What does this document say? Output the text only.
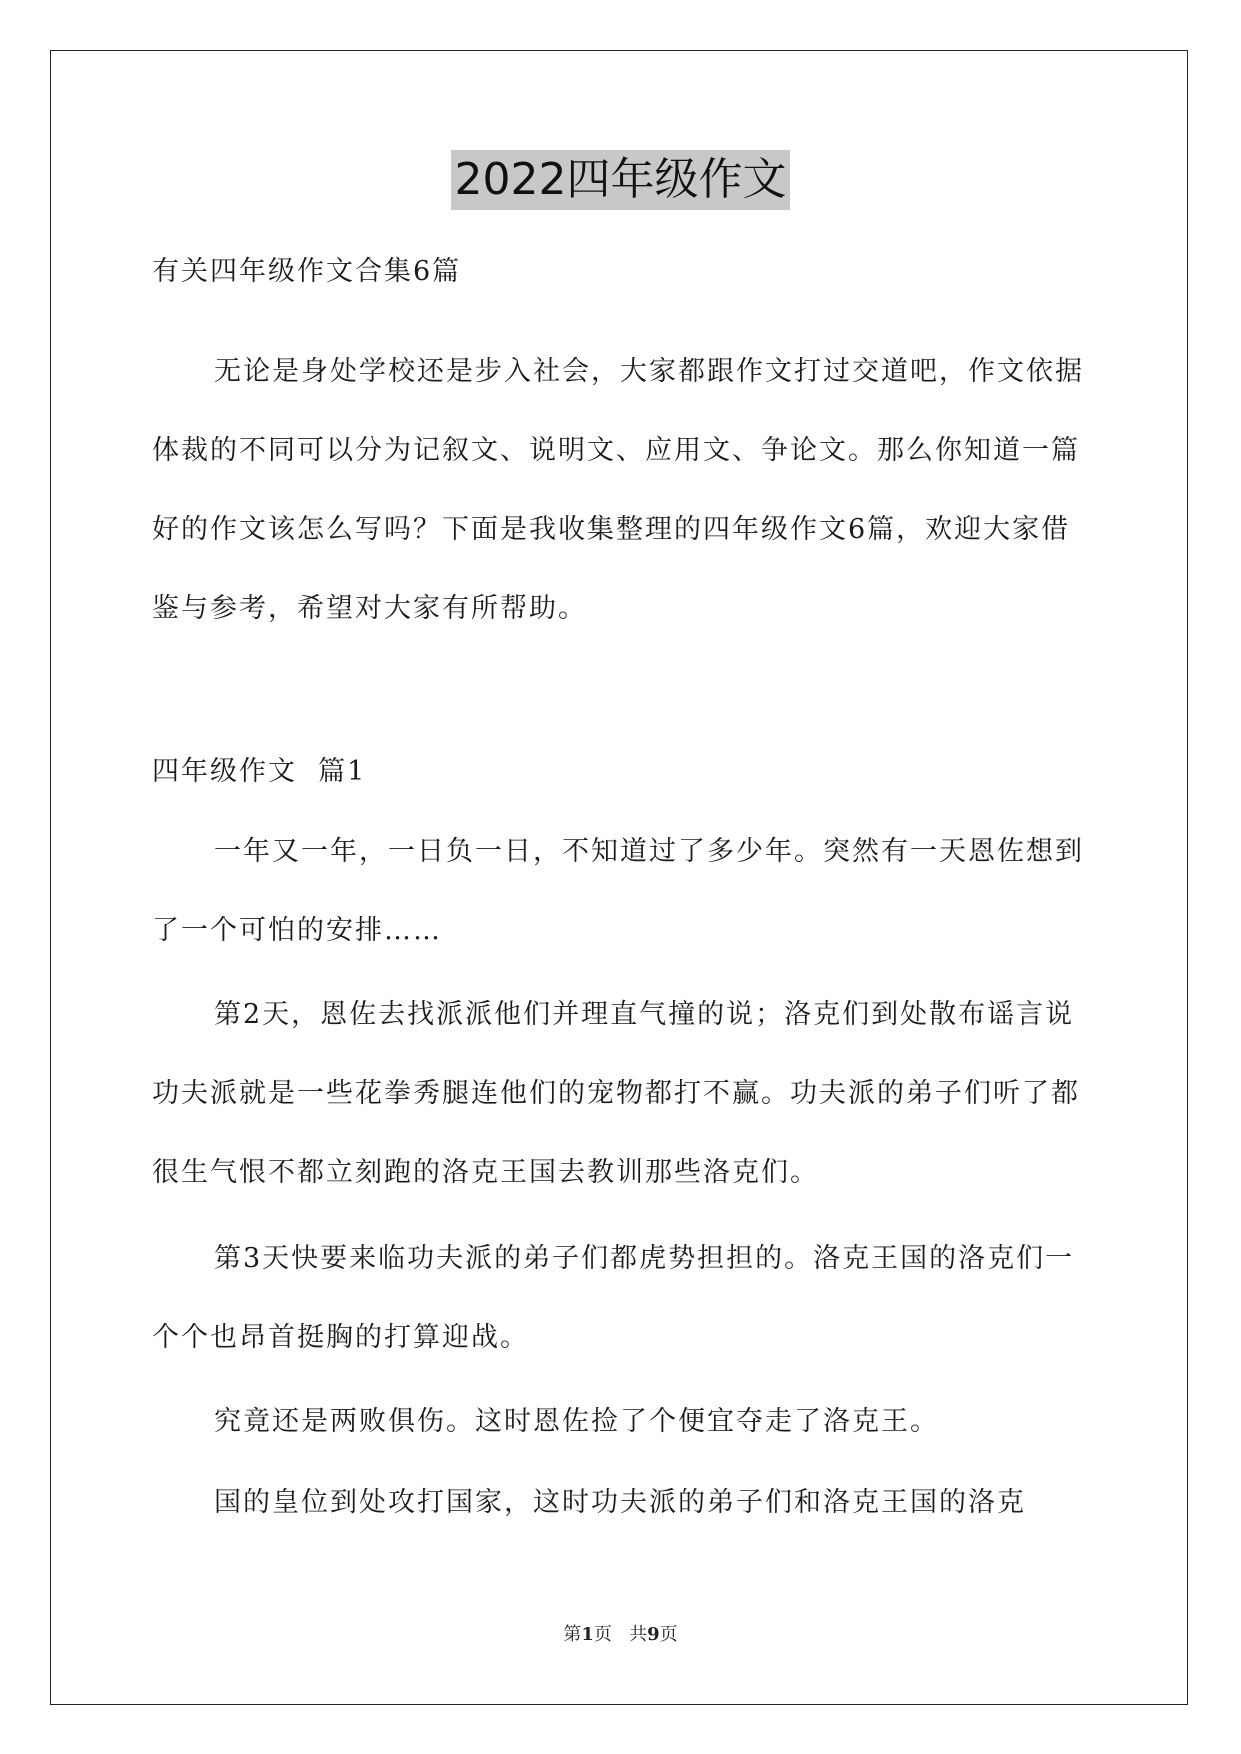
2022四年级作文

有关四年级作文合集6篇

无论是身处学校还是步入社会，大家都跟作文打过交道吧，作文依据体裁的不同可以分为记叙文、说明文、应用文、争论文。那么你知道一篇好的作文该怎么写吗？下面是我收集整理的四年级作文6篇，欢迎大家借鉴与参考，希望对大家有所帮助。

四年级作文  篇1

一年又一年，一日负一日，不知道过了多少年。突然有一天恩佐想到了一个可怕的安排……

第2天，恩佐去找派派他们并理直气撞的说；洛克们到处散布谣言说功夫派就是一些花拳秀腿连他们的宠物都打不赢。功夫派的弟子们听了都很生气恨不都立刻跑的洛克王国去教训那些洛克们。

第3天快要来临功夫派的弟子们都虎势担担的。洛克王国的洛克们一个个也昂首挺胸的打算迎战。

究竟还是两败俱伤。这时恩佐捡了个便宜夺走了洛克王。

国的皇位到处攻打国家，这时功夫派的弟子们和洛克王国的洛克

第1页   共9页
